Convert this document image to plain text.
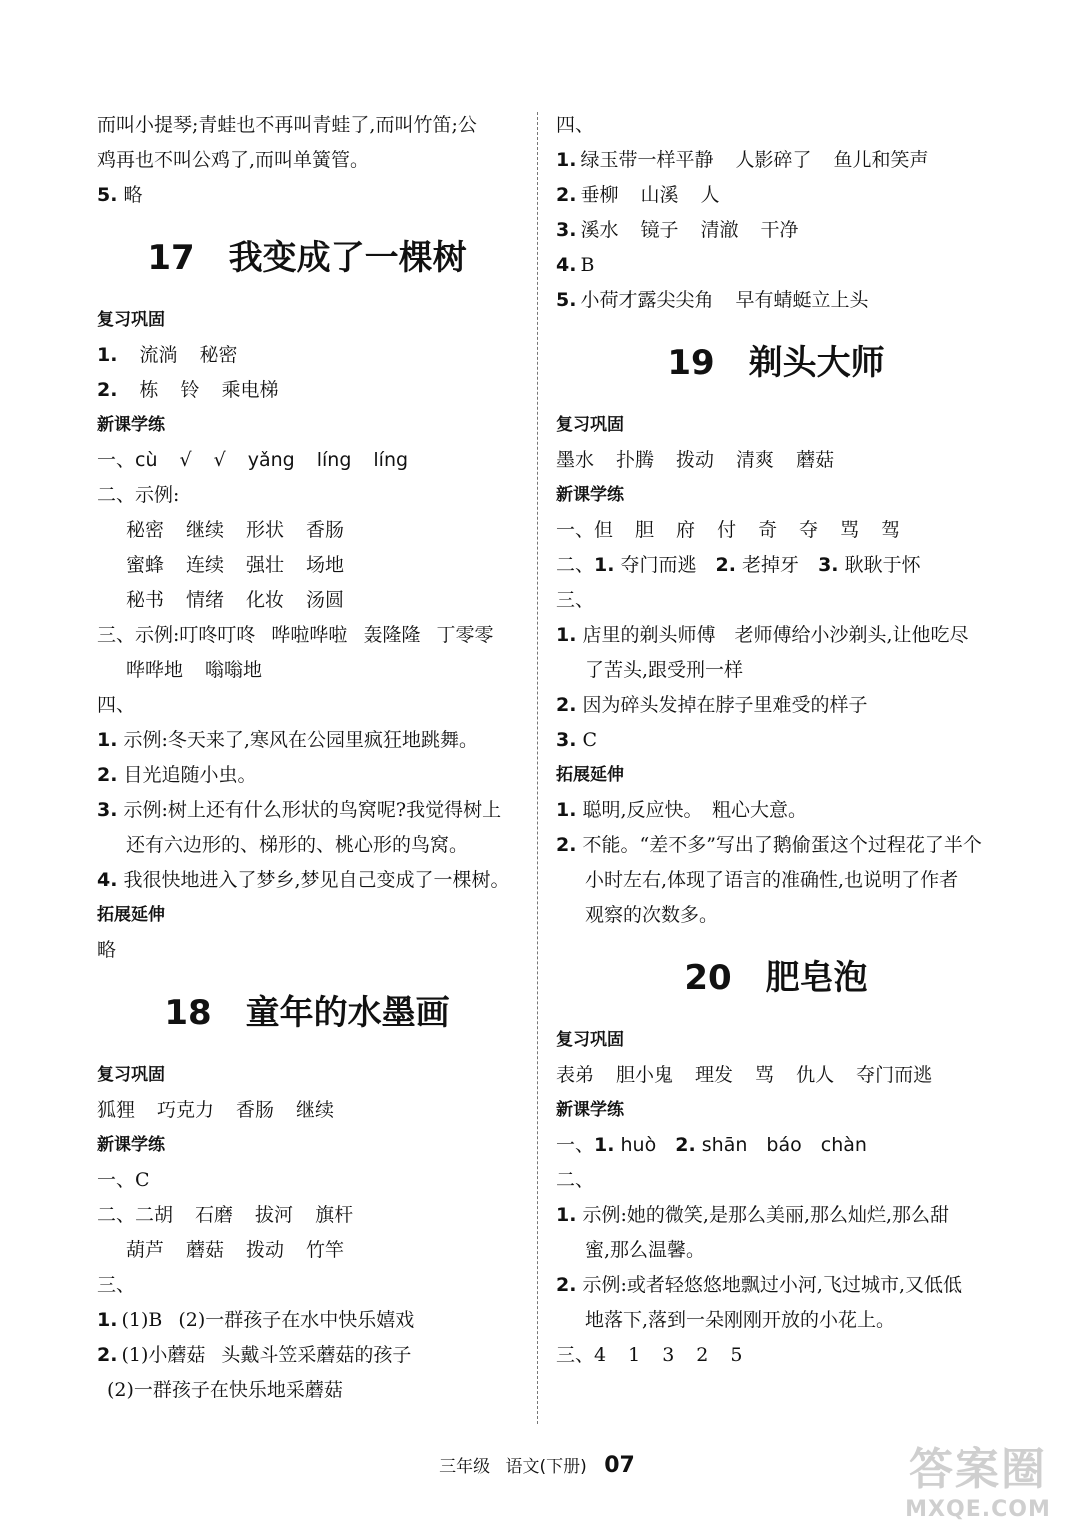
而叫小提琴;青蛙也不再叫青蛙了,而叫竹笛;公
鸡再也不叫公鸡了,而叫单簧管。
5. 略
17 我变成了一棵树
复习巩固
1. 流淌 秘密
2. 栋 铃 乘电梯
新课学练
一、cù √ √ yǎng líng líng
二、示例:
秘密 继续 形状 香肠
蜜蜂 连续 强壮 场地
秘书 情绪 化妆 汤圆
三、示例:叮咚叮咚 哗啦哗啦 轰隆隆 丁零零
哗哗地 嗡嗡地
四、
1. 示例:冬天来了,寒风在公园里疯狂地跳舞。
2. 目光追随小虫。
3. 示例:树上还有什么形状的鸟窝呢?我觉得树上
还有六边形的、梯形的、桃心形的鸟窝。
4. 我很快地进入了梦乡,梦见自己变成了一棵树。
拓展延伸
略
18 童年的水墨画
复习巩固
狐狸 巧克力 香肠 继续
新课学练
一、C
二、二胡 石磨 拔河 旗杆
葫芦 蘑菇 拨动 竹竿
三、
1. (1)B (2)一群孩子在水中快乐嬉戏
2. (1)小蘑菇 头戴斗笠采蘑菇的孩子
(2)一群孩子在快乐地采蘑菇
四、
1. 绿玉带一样平静 人影碎了 鱼儿和笑声
2. 垂柳 山溪 人
3. 溪水 镜子 清澈 干净
4. B
5. 小荷才露尖尖角 早有蜻蜓立上头
19 剃头大师
复习巩固
墨水 扑腾 拨动 清爽 蘑菇
新课学练
一、但 胆 府 付 奇 夺 骂 驾
二、1. 夺门而逃　 2. 老掉牙　 3. 耿耿于怀
三、
1. 店里的剃头师傅　老师傅给小沙剃头,让他吃尽
了苦头,跟受刑一样
2. 因为碎头发掉在脖子里难受的样子
3. C
拓展延伸
1. 聪明,反应快。　粗心大意。
2. 不能。“差不多”写出了鹅偷蛋这个过程花了半个
小时左右,体现了语言的准确性,也说明了作者
观察的次数多。
20 肥皂泡
复习巩固
表弟 胆小鬼 理发 骂 仇人 夺门而逃
新课学练
一、1. huò　 2. shān　 báo　 chàn
二、
1. 示例:她的微笑,是那么美丽,那么灿烂,那么甜
蜜,那么温馨。
2. 示例:或者轻悠悠地飘过小河,飞过城市,又低低
地落下,落到一朵刚刚开放的小花上。
三、4 1 3 2 5
三年级 语文(下册) 07	答案圈
MXQE.COM
